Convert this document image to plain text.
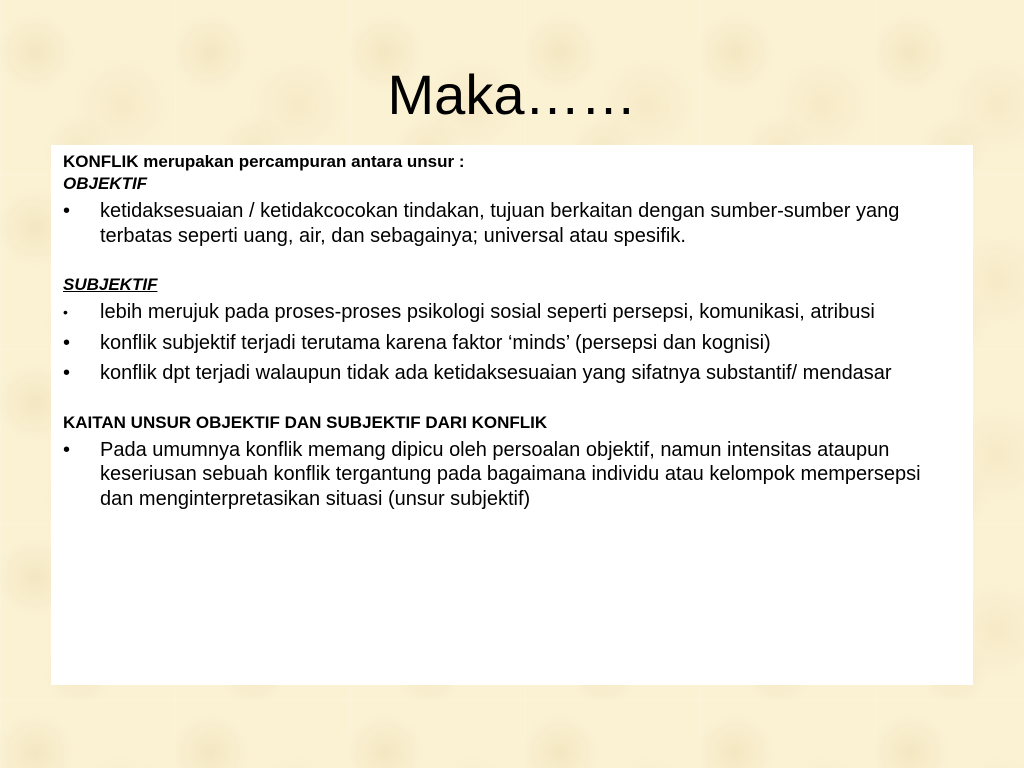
Maka……

KONFLIK merupakan percampuran antara unsur :

OBJEKTIF

•	ketidaksesuaian / ketidakcocokan tindakan, tujuan berkaitan dengan sumber-sumber yang terbatas seperti uang, air, dan sebagainya; universal atau spesifik.

SUBJEKTIF

•	lebih merujuk pada proses-proses psikologi sosial seperti persepsi, komunikasi, atribusi
•	konflik subjektif terjadi terutama karena faktor ‘minds’ (persepsi dan kognisi)
•	konflik dpt terjadi walaupun tidak ada ketidaksesuaian yang sifatnya substantif/ mendasar

KAITAN UNSUR OBJEKTIF DAN SUBJEKTIF DARI KONFLIK

•	Pada umumnya konflik memang dipicu oleh persoalan objektif, namun intensitas ataupun keseriusan sebuah konflik tergantung pada bagaimana individu atau kelompok mempersepsi dan menginterpretasikan situasi (unsur subjektif)
